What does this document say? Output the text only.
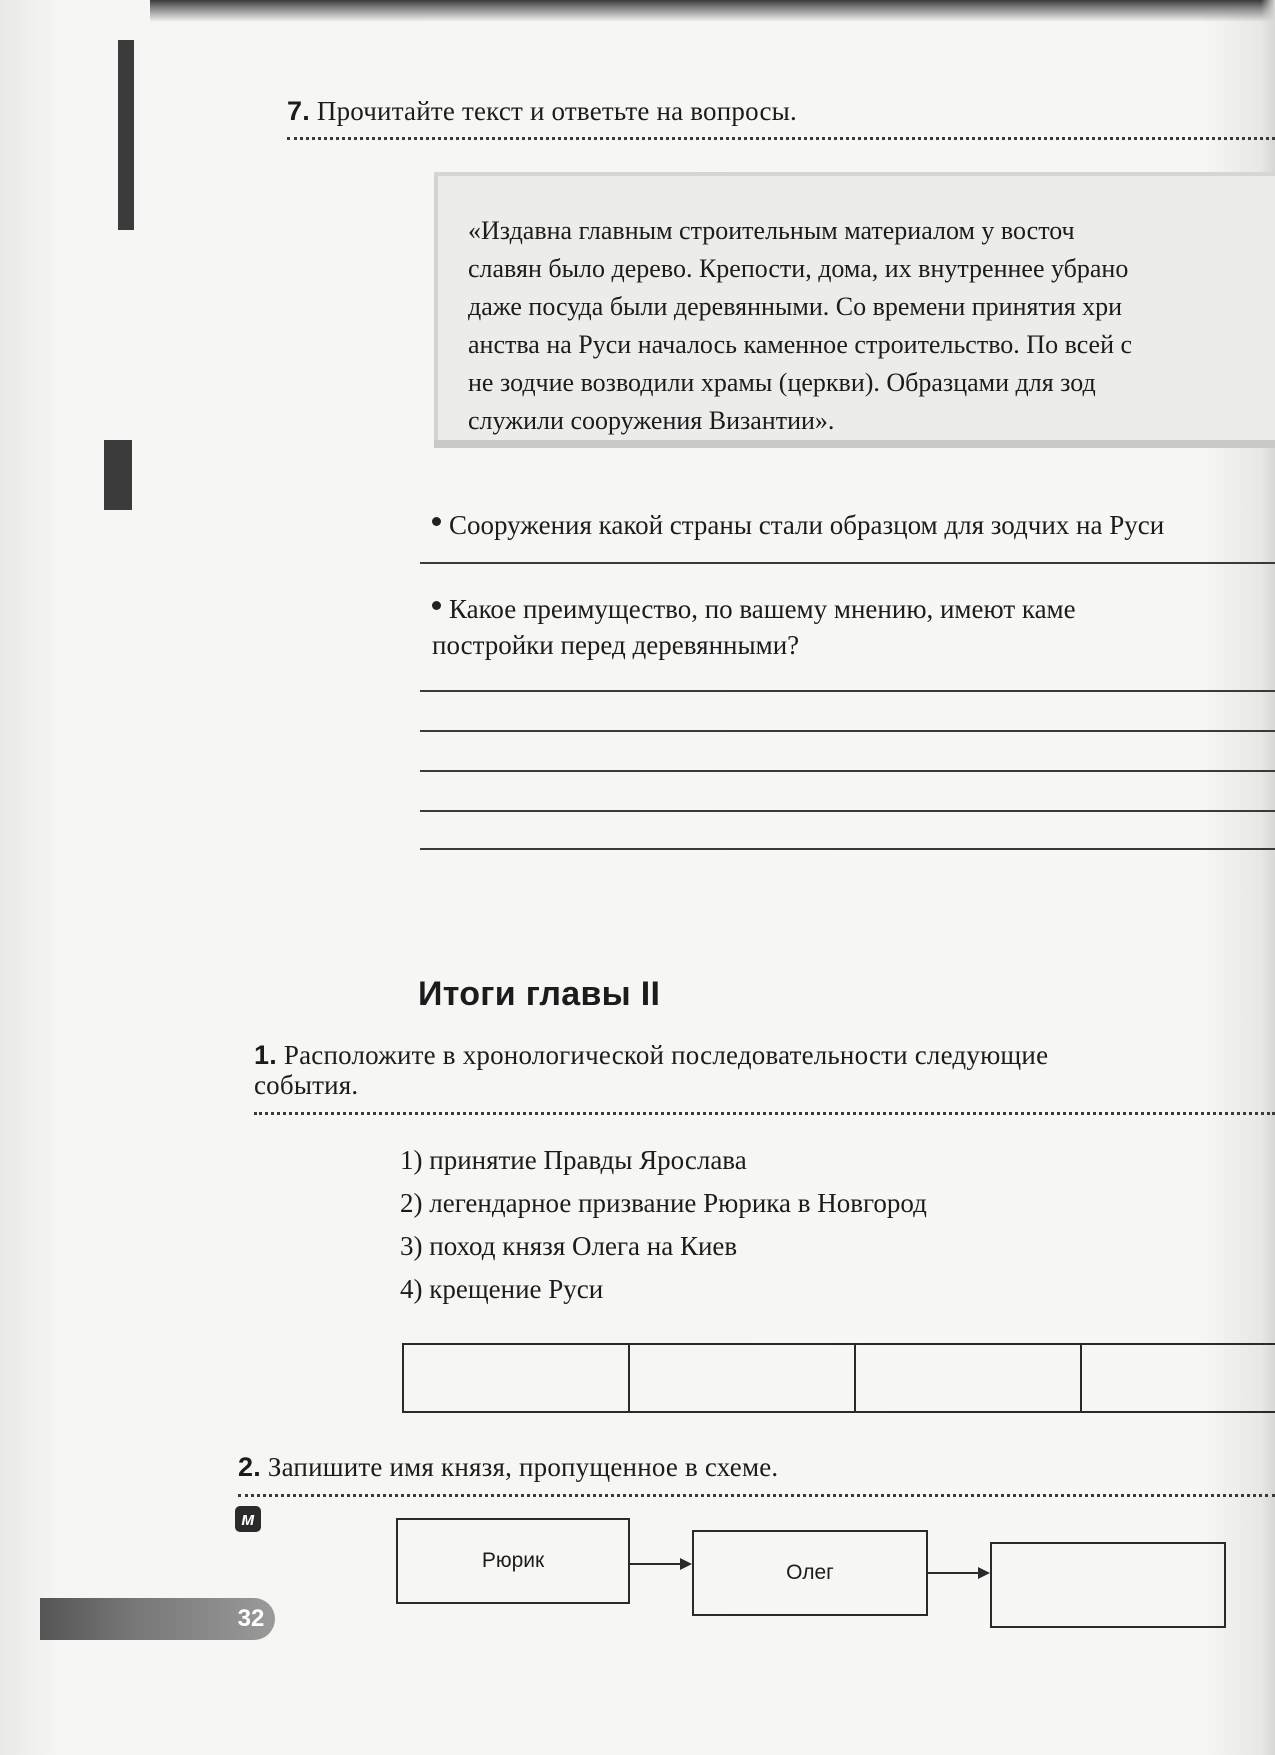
7. Прочитайте текст и ответьте на вопросы.
«Издавна главным строительным материалом у восточ
славян было дерево. Крепости, дома, их внутреннее убрано
даже посуда были деревянными. Со времени принятия хри
анства на Руси началось каменное строительство. По всей с
не зодчие возводили храмы (церкви). Образцами для зод
служили сооружения Византии».
Сооружения какой страны стали образцом для зодчих на Руси
Какое преимущество, по вашему мнению, имеют каме
постройки перед деревянными?
Итоги главы II
1. Расположите в хронологической последовательности следующие
события.
1) принятие Правды Ярослава
2) легендарное призвание Рюрика в Новгород
3) поход князя Олега на Киев
4) крещение Руси
2. Запишите имя князя, пропущенное в схеме.
м
Рюрик
Олег
32
